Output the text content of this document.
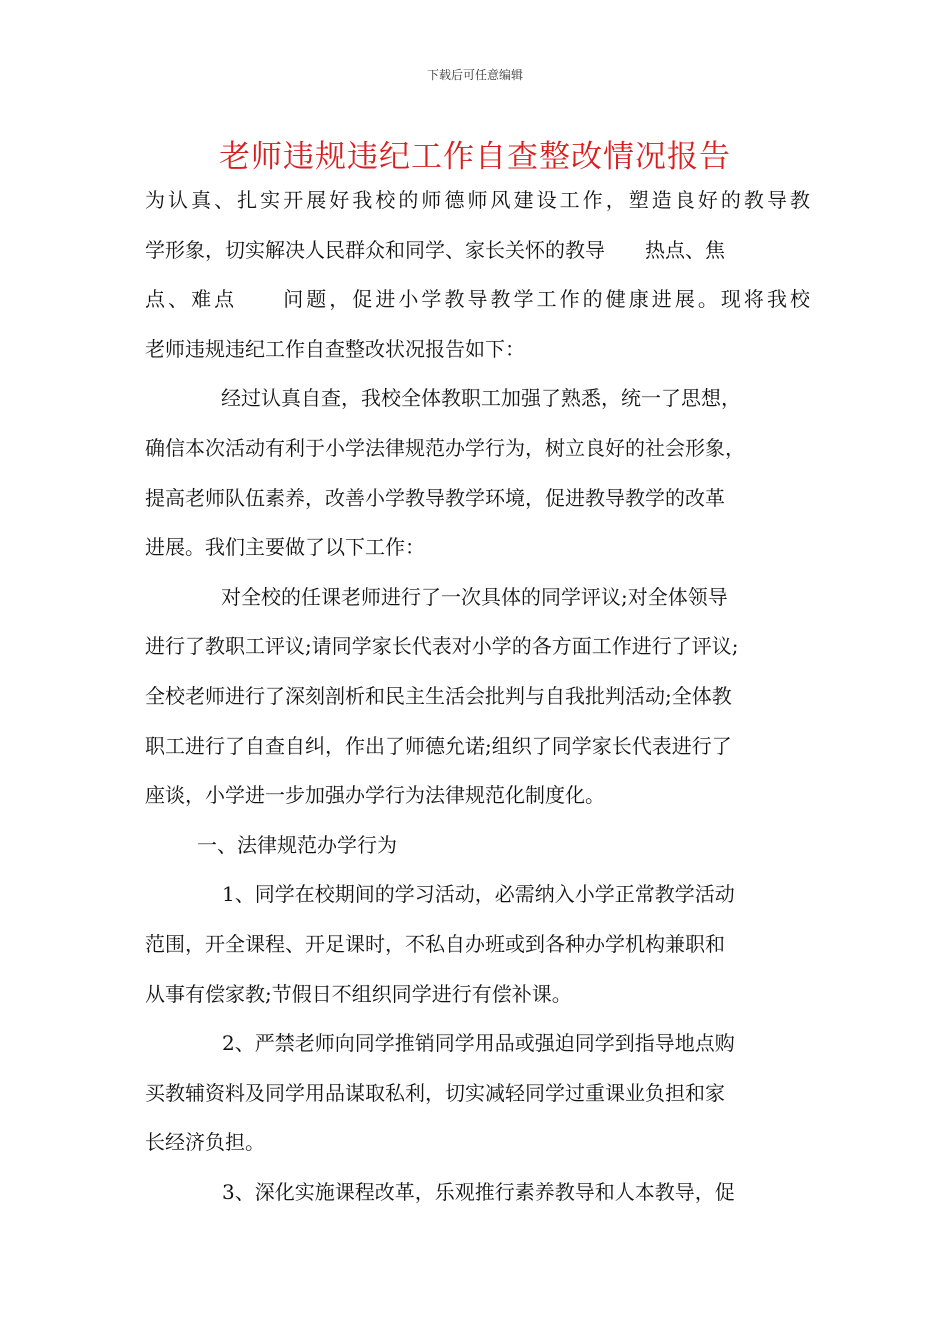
下载后可任意编辑
老师违规违纪工作自查整改情况报告

为认真、扎实开展好我校的师德师风建设工作，塑造良好的教导教
学形象，切实解决人民群众和同学、家长关怀的教导　　热点、焦
点、难点　　问题，促进小学教导教学工作的健康进展。现将我校
老师违规违纪工作自查整改状况报告如下：

经过认真自查，我校全体教职工加强了熟悉，统一了思想，
确信本次活动有利于小学法律规范办学行为，树立良好的社会形象，
提高老师队伍素养，改善小学教导教学环境，促进教导教学的改革
进展。我们主要做了以下工作：

对全校的任课老师进行了一次具体的同学评议;对全体领导
进行了教职工评议;请同学家长代表对小学的各方面工作进行了评议;
全校老师进行了深刻剖析和民主生活会批判与自我批判活动;全体教
职工进行了自查自纠，作出了师德允诺;组织了同学家长代表进行了
座谈，小学进一步加强办学行为法律规范化制度化。

一、法律规范办学行为

1、同学在校期间的学习活动，必需纳入小学正常教学活动
范围，开全课程、开足课时，不私自办班或到各种办学机构兼职和
从事有偿家教;节假日不组织同学进行有偿补课。

2、严禁老师向同学推销同学用品或强迫同学到指导地点购
买教辅资料及同学用品谋取私利，切实减轻同学过重课业负担和家
长经济负担。

3、深化实施课程改革，乐观推行素养教导和人本教导，促
